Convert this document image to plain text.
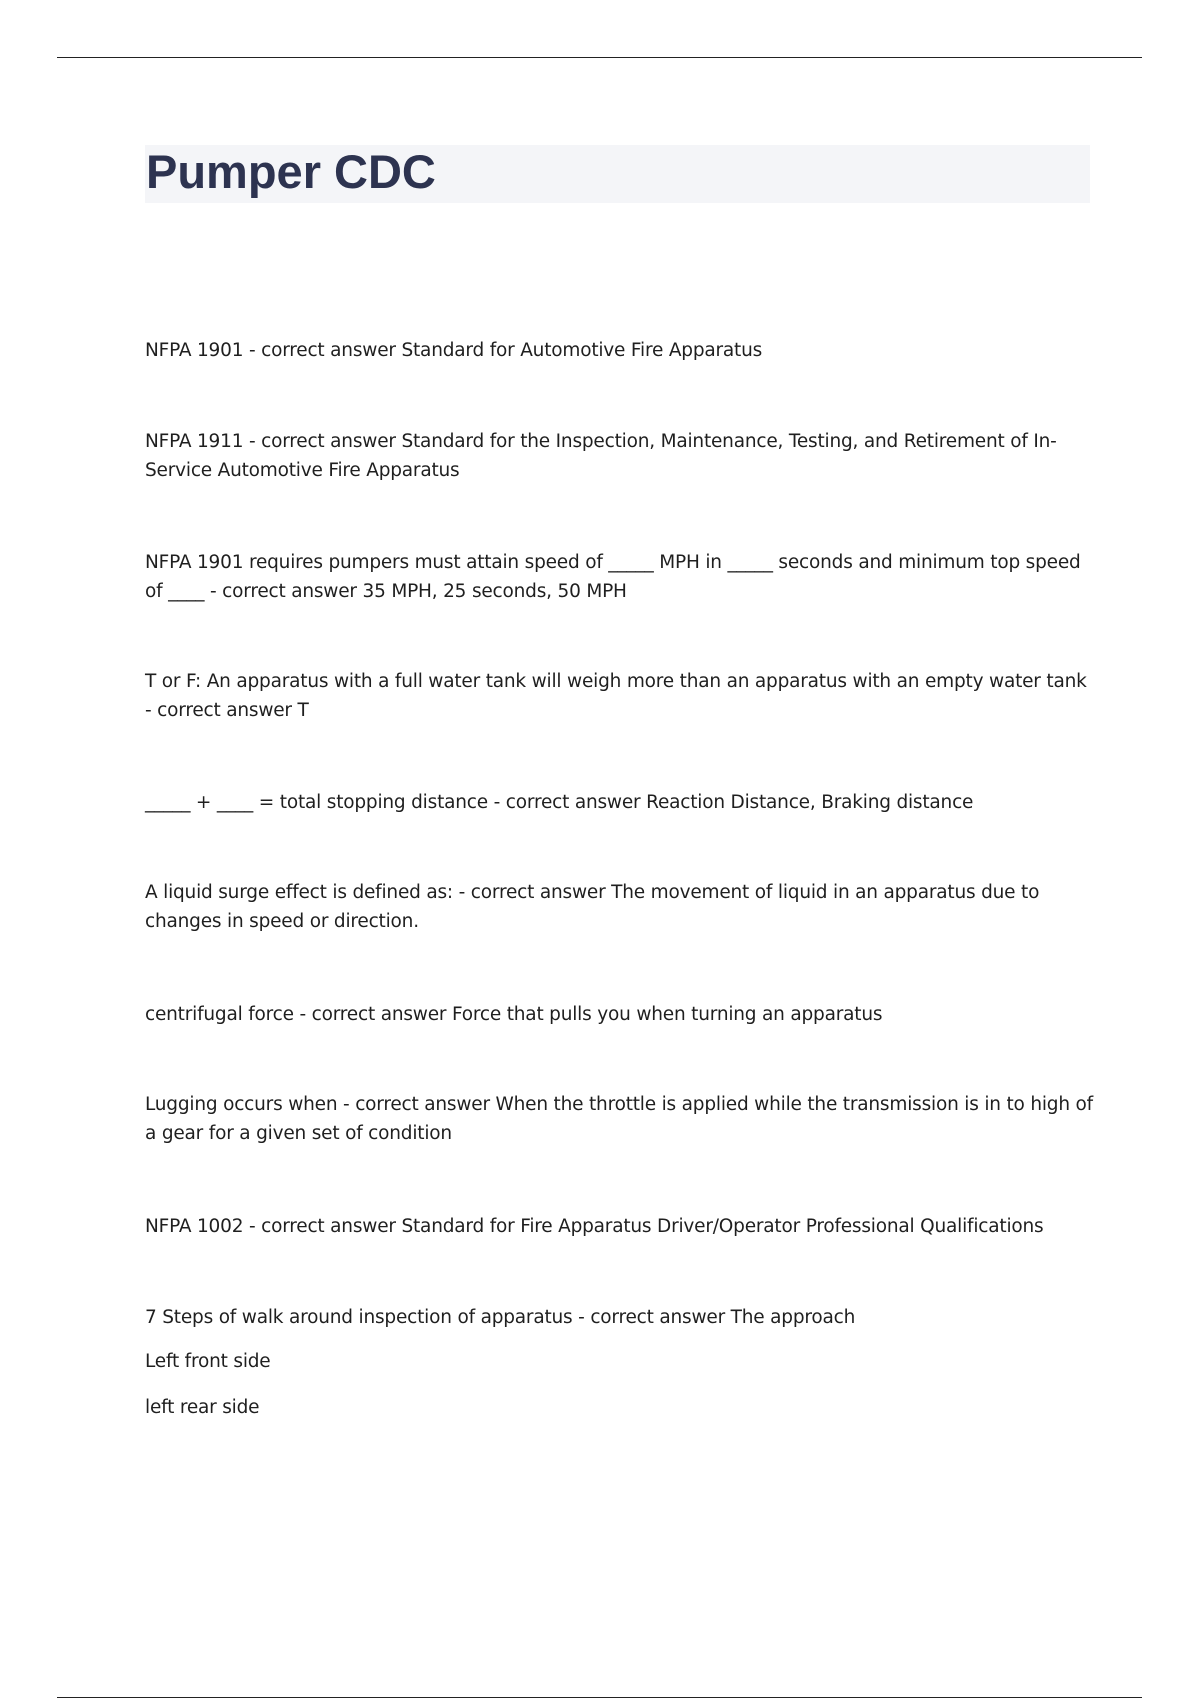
Pumper CDC

NFPA 1901 - correct answer Standard for Automotive Fire Apparatus

NFPA 1911 - correct answer Standard for the Inspection, Maintenance, Testing, and Retirement of In-Service Automotive Fire Apparatus

NFPA 1901 requires pumpers must attain speed of _____ MPH in _____ seconds and minimum top speed of ____ - correct answer 35 MPH, 25 seconds, 50 MPH

T or F: An apparatus with a full water tank will weigh more than an apparatus with an empty water tank - correct answer T

_____ + ____ = total stopping distance - correct answer Reaction Distance, Braking distance

A liquid surge effect is defined as: - correct answer The movement of liquid in an apparatus due to changes in speed or direction.

centrifugal force - correct answer Force that pulls you when turning an apparatus

Lugging occurs when - correct answer When the throttle is applied while the transmission is in to high of a gear for a given set of condition

NFPA 1002 - correct answer Standard for Fire Apparatus Driver/Operator Professional Qualifications

7 Steps of walk around inspection of apparatus - correct answer The approach

Left front side

left rear side
